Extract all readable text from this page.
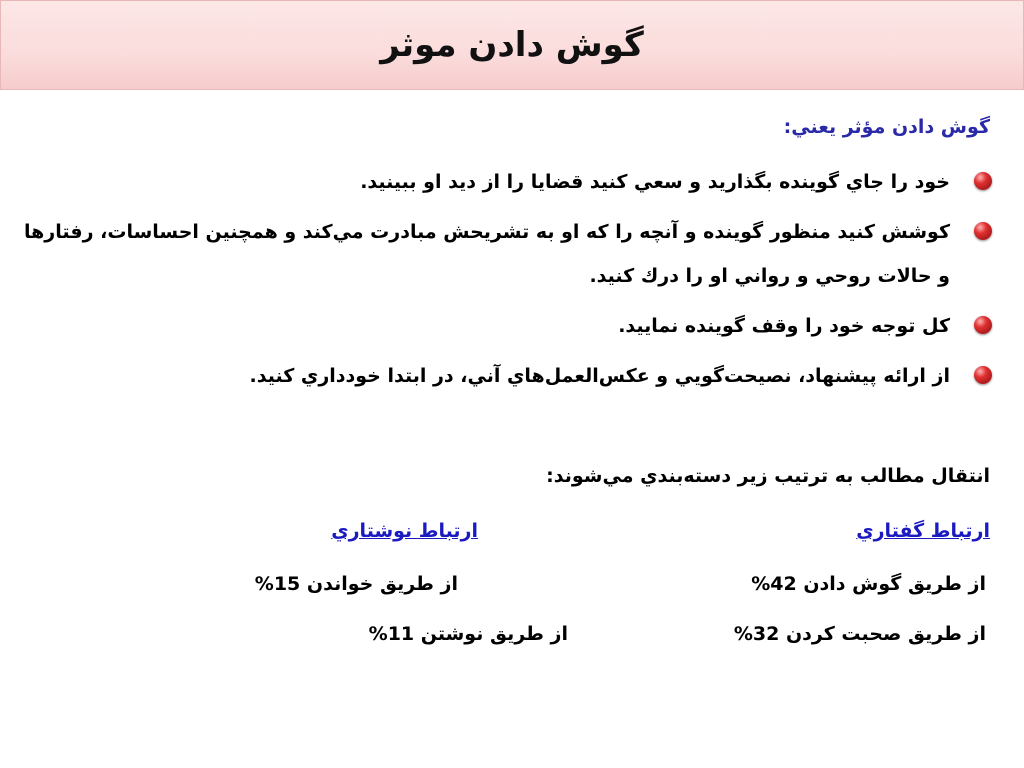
گوش دادن موثر
گوش دادن مؤثر يعني:
خود را جاي گوينده بگذاريد و سعي كنيد قضايا را از ديد او ببينيد.
كوشش كنيد منظور گوينده و آنچه را كه او به تشريحش مبادرت مي‌كند و همچنين احساسات، رفتارها و حالات روحي و رواني او را درك كنيد.
كل توجه خود را وقف گوينده نماييد.
از ارائه پيشنهاد، نصيحت‌گويي و عكس‌العمل‌هاي آني، در ابتدا خودداري كنيد.
انتقال مطالب به ترتيب زير دسته‌بندي مي‌شوند:
ارتباط گفتاري
ارتباط نوشتاري
از طريق گوش دادن 42%
از طريق خواندن 15%
از طريق صحبت كردن 32%
از طريق نوشتن 11%
